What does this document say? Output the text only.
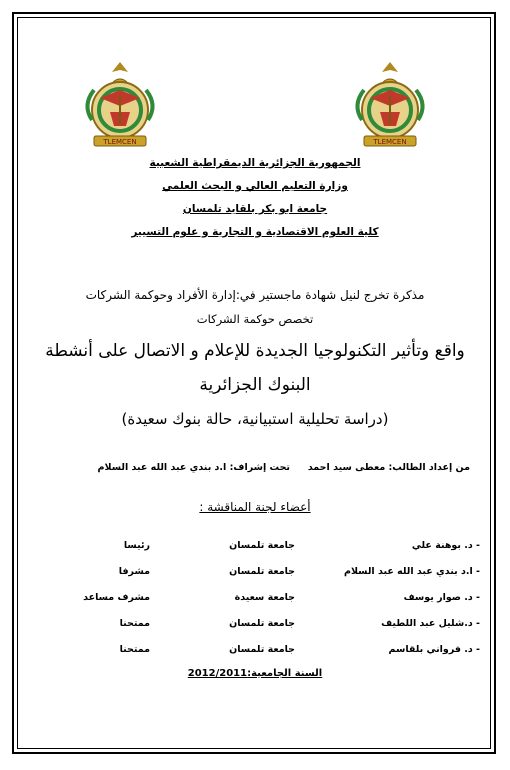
TLEMCEN	TLEMCEN
الجمهورية الجزائرية الديمقراطية الشعبية
وزارة التعليم العالي و البحث العلمي
جامعة ابو بكر بلقايد تلمسان
كلية العلوم الاقتصادية و التجارية و علوم التسيير
مذكرة تخرج لنيل شهادة ماجستير في:إدارة الأفراد وحوكمة الشركات
تخصص حوكمة الشركات
واقع وتأثير التكنولوجيا الجديدة للإعلام و الاتصال على أنشطة
البنوك الجزائرية
(دراسة تحليلية استبيانية، حالة بنوك سعيدة)
من إعداد الطالب: معطى سيد احمد
تحت إشراف: ا.د بندي عبد الله عبد السلام
أعضاء لجنة المناقشة :
- د. بوهنة علي
جامعة تلمسان
رئيسا
- ا.د بندي عبد الله عبد السلام
جامعة تلمسان
مشرفا
- د. صوار يوسف
جامعة سعيدة
مشرف مساعد
- د.شليل عبد اللطيف
جامعة تلمسان
ممتحنا
- د. فرواني بلقاسم
جامعة تلمسان
ممتحنا
السنة الجامعية:2012/2011
